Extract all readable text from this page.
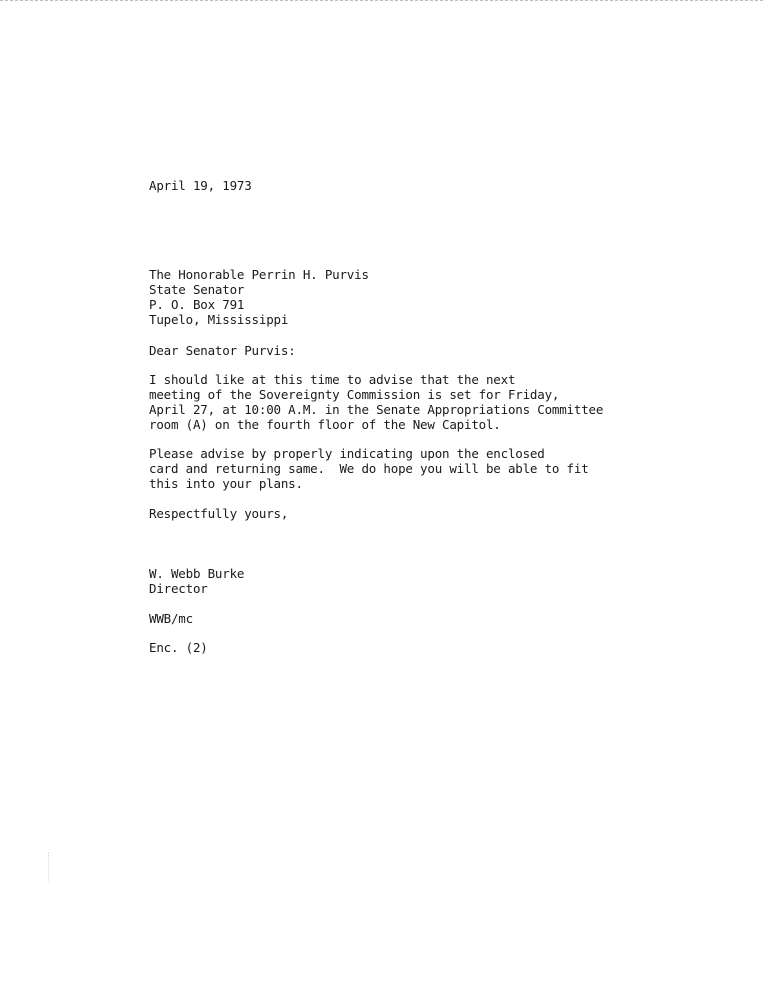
April 19, 1973
The Honorable Perrin H. Purvis
State Senator
P. O. Box 791
Tupelo, Mississippi
Dear Senator Purvis:
I should like at this time to advise that the next
meeting of the Sovereignty Commission is set for Friday,
April 27, at 10:00 A.M. in the Senate Appropriations Committee
room (A) on the fourth floor of the New Capitol.
Please advise by properly indicating upon the enclosed
card and returning same.  We do hope you will be able to fit
this into your plans.
Respectfully yours,
W. Webb Burke
Director
WWB/mc
Enc. (2)
